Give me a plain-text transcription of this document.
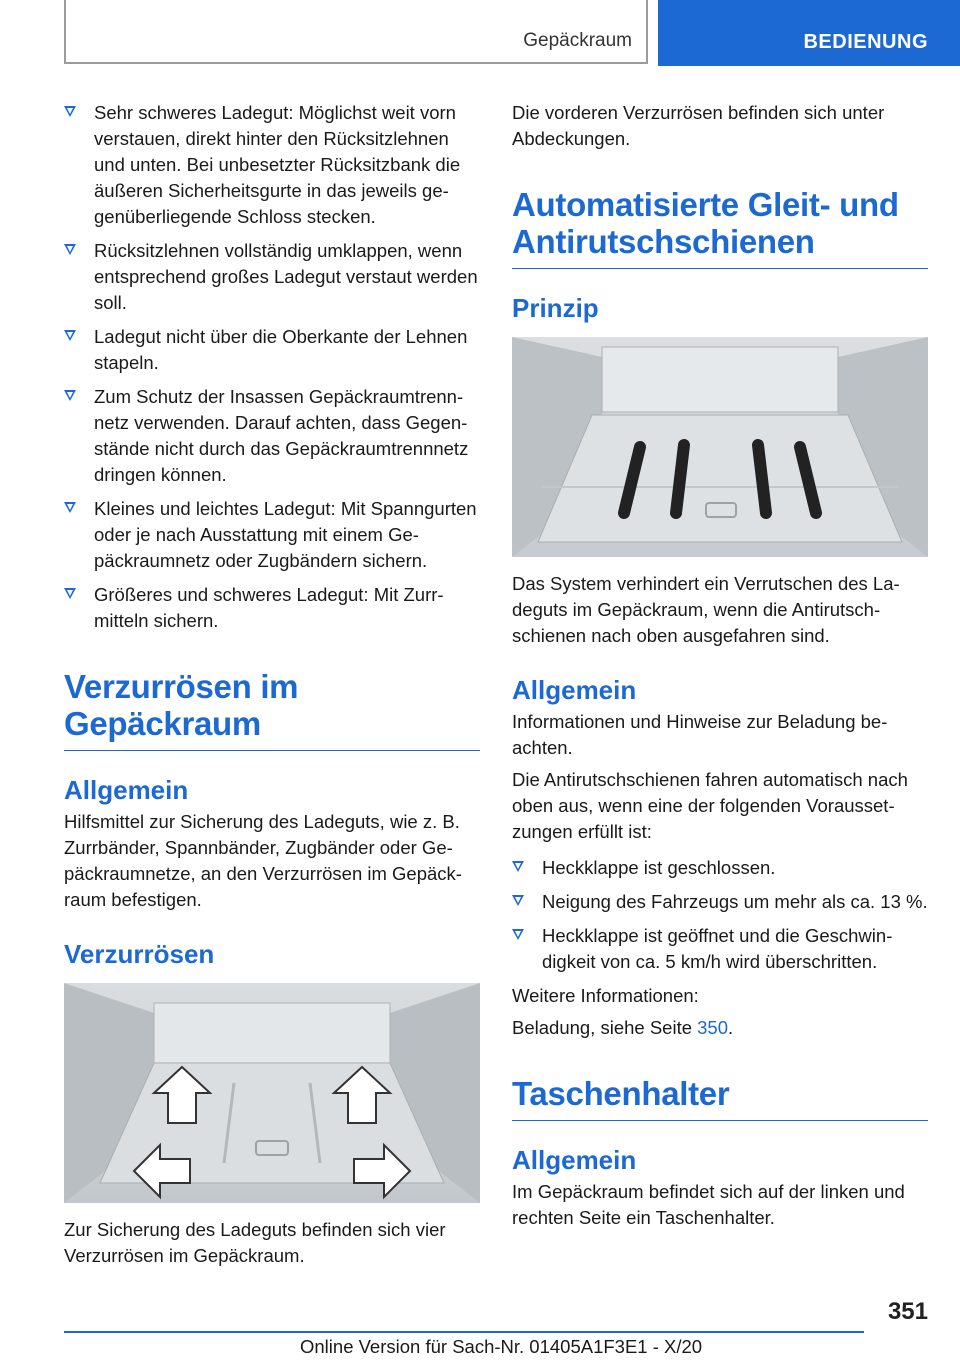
Gepäckraum	BEDIENUNG
Sehr schweres Ladegut: Möglichst weit vorn verstauen, direkt hinter den Rücksitzlehnen und unten. Bei unbesetzter Rücksitzbank die äußeren Sicherheitsgurte in das jeweils gegenüberliegende Schloss stecken.
Rücksitzlehnen vollständig umklappen, wenn entsprechend großes Ladegut verstaut werden soll.
Ladegut nicht über die Oberkante der Lehnen stapeln.
Zum Schutz der Insassen Gepäckraumtrennnetz verwenden. Darauf achten, dass Gegenstände nicht durch das Gepäckraumtrennnetz dringen können.
Kleines und leichtes Ladegut: Mit Spanngurten oder je nach Ausstattung mit einem Gepäckraumnetz oder Zugbändern sichern.
Größeres und schweres Ladegut: Mit Zurrmitteln sichern.
Verzurrösen im Gepäckraum
Allgemein

Hilfsmittel zur Sicherung des Ladeguts, wie z. B. Zurrbänder, Spannbänder, Zugbänder oder Gepäckraumnetze, an den Verzurrösen im Gepäckraum befestigen.

Verzurrösen

Zur Sicherung des Ladeguts befinden sich vier Verzurrösen im Gepäckraum.

Die vorderen Verzurrösen befinden sich unter Abdeckungen.

Automatisierte Gleit- und Antirutschschienen
Prinzip

Das System verhindert ein Verrutschen des Ladeguts im Gepäckraum, wenn die Antirutschschienen nach oben ausgefahren sind.

Allgemein

Informationen und Hinweise zur Beladung beachten.

Die Antirutschschienen fahren automatisch nach oben aus, wenn eine der folgenden Voraussetzungen erfüllt ist:

Heckklappe ist geschlossen.
Neigung des Fahrzeugs um mehr als ca. 13 %.
Heckklappe ist geöffnet und die Geschwindigkeit von ca. 5 km/h wird überschritten.

Weitere Informationen:

Beladung, siehe Seite 350.

Taschenhalter
Allgemein

Im Gepäckraum befindet sich auf der linken und rechten Seite ein Taschenhalter.

351
Online Version für Sach-Nr. 01405A1F3E1 - X/20
